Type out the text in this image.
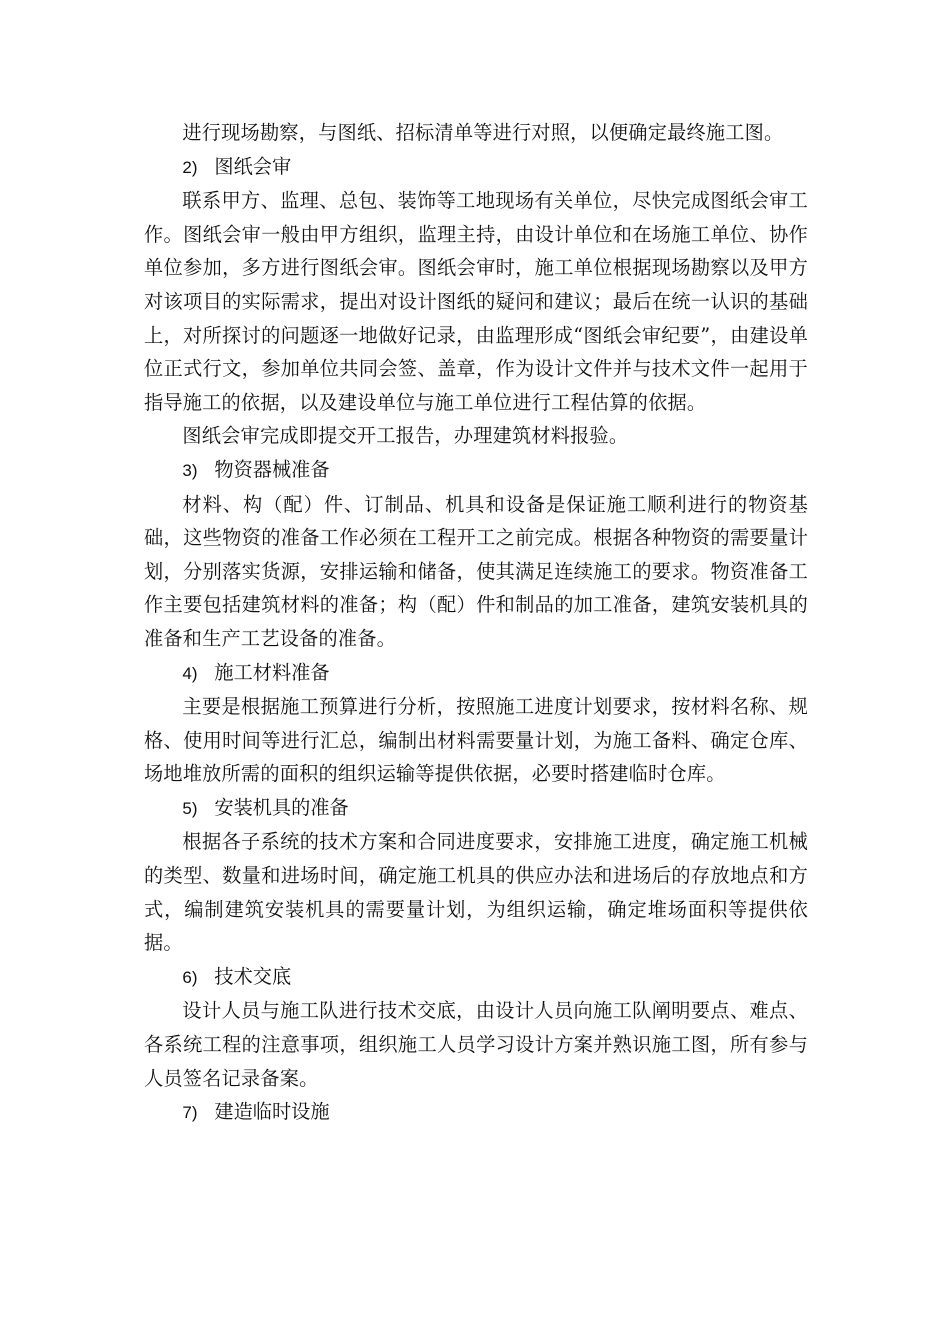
进行现场勘察，与图纸、招标清单等进行对照，以便确定最终施工图。

2) 图纸会审

联系甲方、监理、总包、装饰等工地现场有关单位，尽快完成图纸会审工作。图纸会审一般由甲方组织，监理主持，由设计单位和在场施工单位、协作单位参加，多方进行图纸会审。图纸会审时，施工单位根据现场勘察以及甲方对该项目的实际需求，提出对设计图纸的疑问和建议；最后在统一认识的基础上，对所探讨的问题逐一地做好记录，由监理形成“图纸会审纪要”，由建设单位正式行文，参加单位共同会签、盖章，作为设计文件并与技术文件一起用于指导施工的依据，以及建设单位与施工单位进行工程估算的依据。

图纸会审完成即提交开工报告，办理建筑材料报验。

3) 物资器械准备

材料、构（配）件、订制品、机具和设备是保证施工顺利进行的物资基础，这些物资的准备工作必须在工程开工之前完成。根据各种物资的需要量计划，分别落实货源，安排运输和储备，使其满足连续施工的要求。物资准备工作主要包括建筑材料的准备；构（配）件和制品的加工准备，建筑安装机具的准备和生产工艺设备的准备。

4) 施工材料准备

主要是根据施工预算进行分析，按照施工进度计划要求，按材料名称、规格、使用时间等进行汇总，编制出材料需要量计划，为施工备料、确定仓库、场地堆放所需的面积的组织运输等提供依据，必要时搭建临时仓库。

5) 安装机具的准备

根据各子系统的技术方案和合同进度要求，安排施工进度，确定施工机械的类型、数量和进场时间，确定施工机具的供应办法和进场后的存放地点和方式，编制建筑安装机具的需要量计划，为组织运输，确定堆场面积等提供依据。

6) 技术交底

设计人员与施工队进行技术交底，由设计人员向施工队阐明要点、难点、各系统工程的注意事项，组织施工人员学习设计方案并熟识施工图，所有参与人员签名记录备案。

7) 建造临时设施
